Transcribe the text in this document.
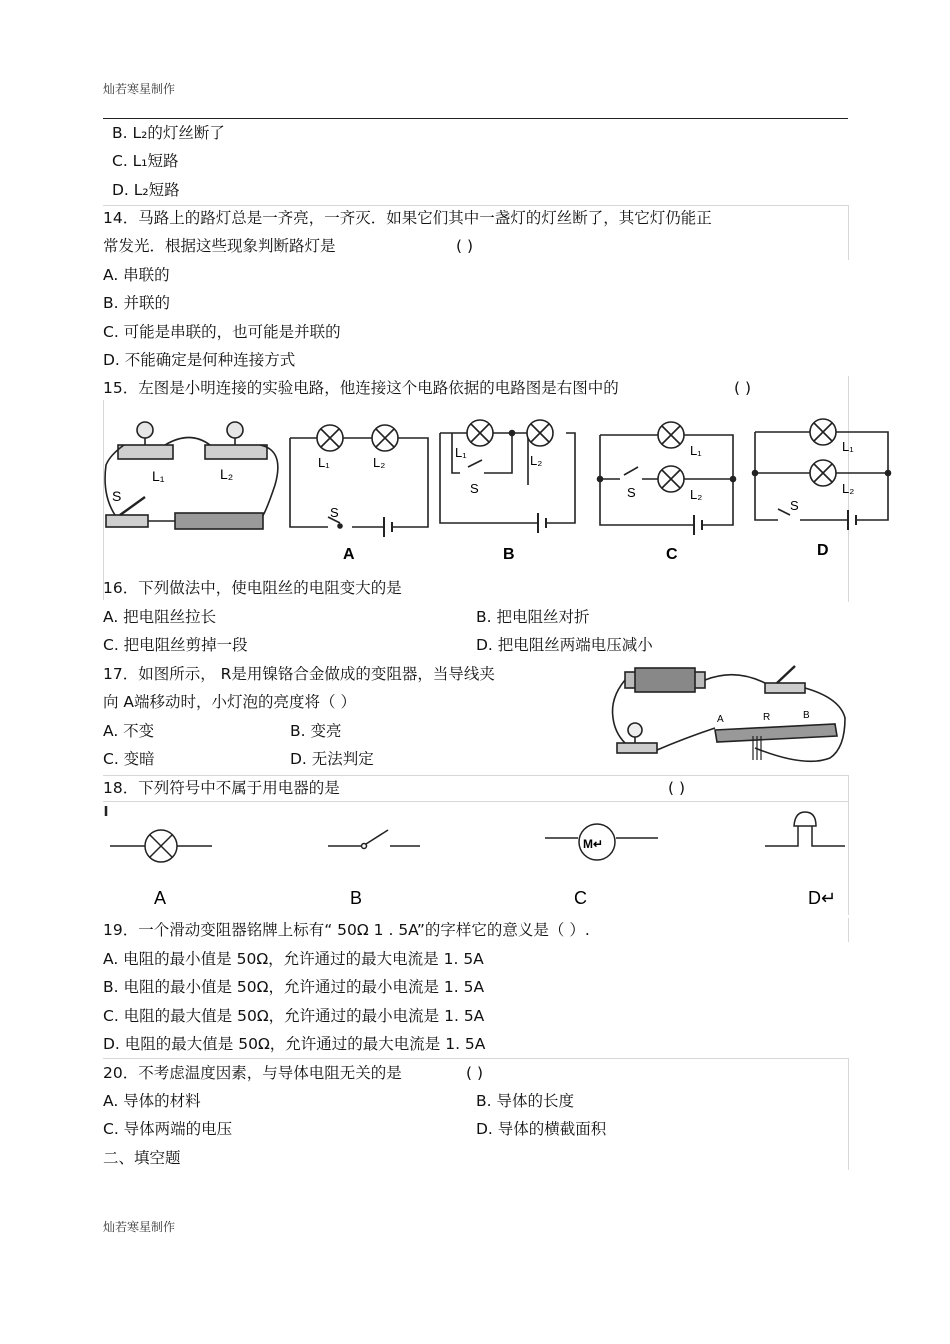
灿若寒星制作
B. L₂的灯丝断了
C. L₁短路
D. L₂短路
14．马路上的路灯总是一齐亮，一齐灭．如果它们其中一盏灯的灯丝断了，其它灯仍能正
常发光．根据这些现象判断路灯是	( )
A. 串联的
B. 并联的
C. 可能是串联的，也可能是并联的
D. 不能确定是何种连接方式
15．左图是小明连接的实验电路，他连接这个电路依据的电路图是右图中的	( )
L₁	L₂
S
L₁	L₂
S
A
L₁
L₂
S
B
L₁
L₂
S
C
L₁
L₂
S
D
16．下列做法中，使电阻丝的电阻变大的是
A. 把电阻丝拉长	B. 把电阻丝对折
C. 把电阻丝剪掉一段	D. 把电阻丝两端电压减小
17．如图所示， R是用镍铬合金做成的变阻器，当导线夹
向 A端移动时，小灯泡的亮度将（ ）
A. 不变	B. 变亮
C. 变暗	D. 无法判定
A	R	B
18．下列符号中不属于用电器的是	( )
M↵
A	B	C	D↵
19．一个滑动变阻器铭牌上标有“ 50Ω 1 . 5A”的字样它的意义是（ ）.
A. 电阻的最小值是 50Ω，允许通过的最大电流是 1. 5A
B. 电阻的最小值是 50Ω，允许通过的最小电流是 1. 5A
C. 电阻的最大值是 50Ω，允许通过的最小电流是 1. 5A
D. 电阻的最大值是 50Ω，允许通过的最大电流是 1. 5A
20．不考虑温度因素，与导体电阻无关的是	( )
A. 导体的材料	B. 导体的长度
C. 导体两端的电压	D. 导体的横截面积
二、填空题
灿若寒星制作
